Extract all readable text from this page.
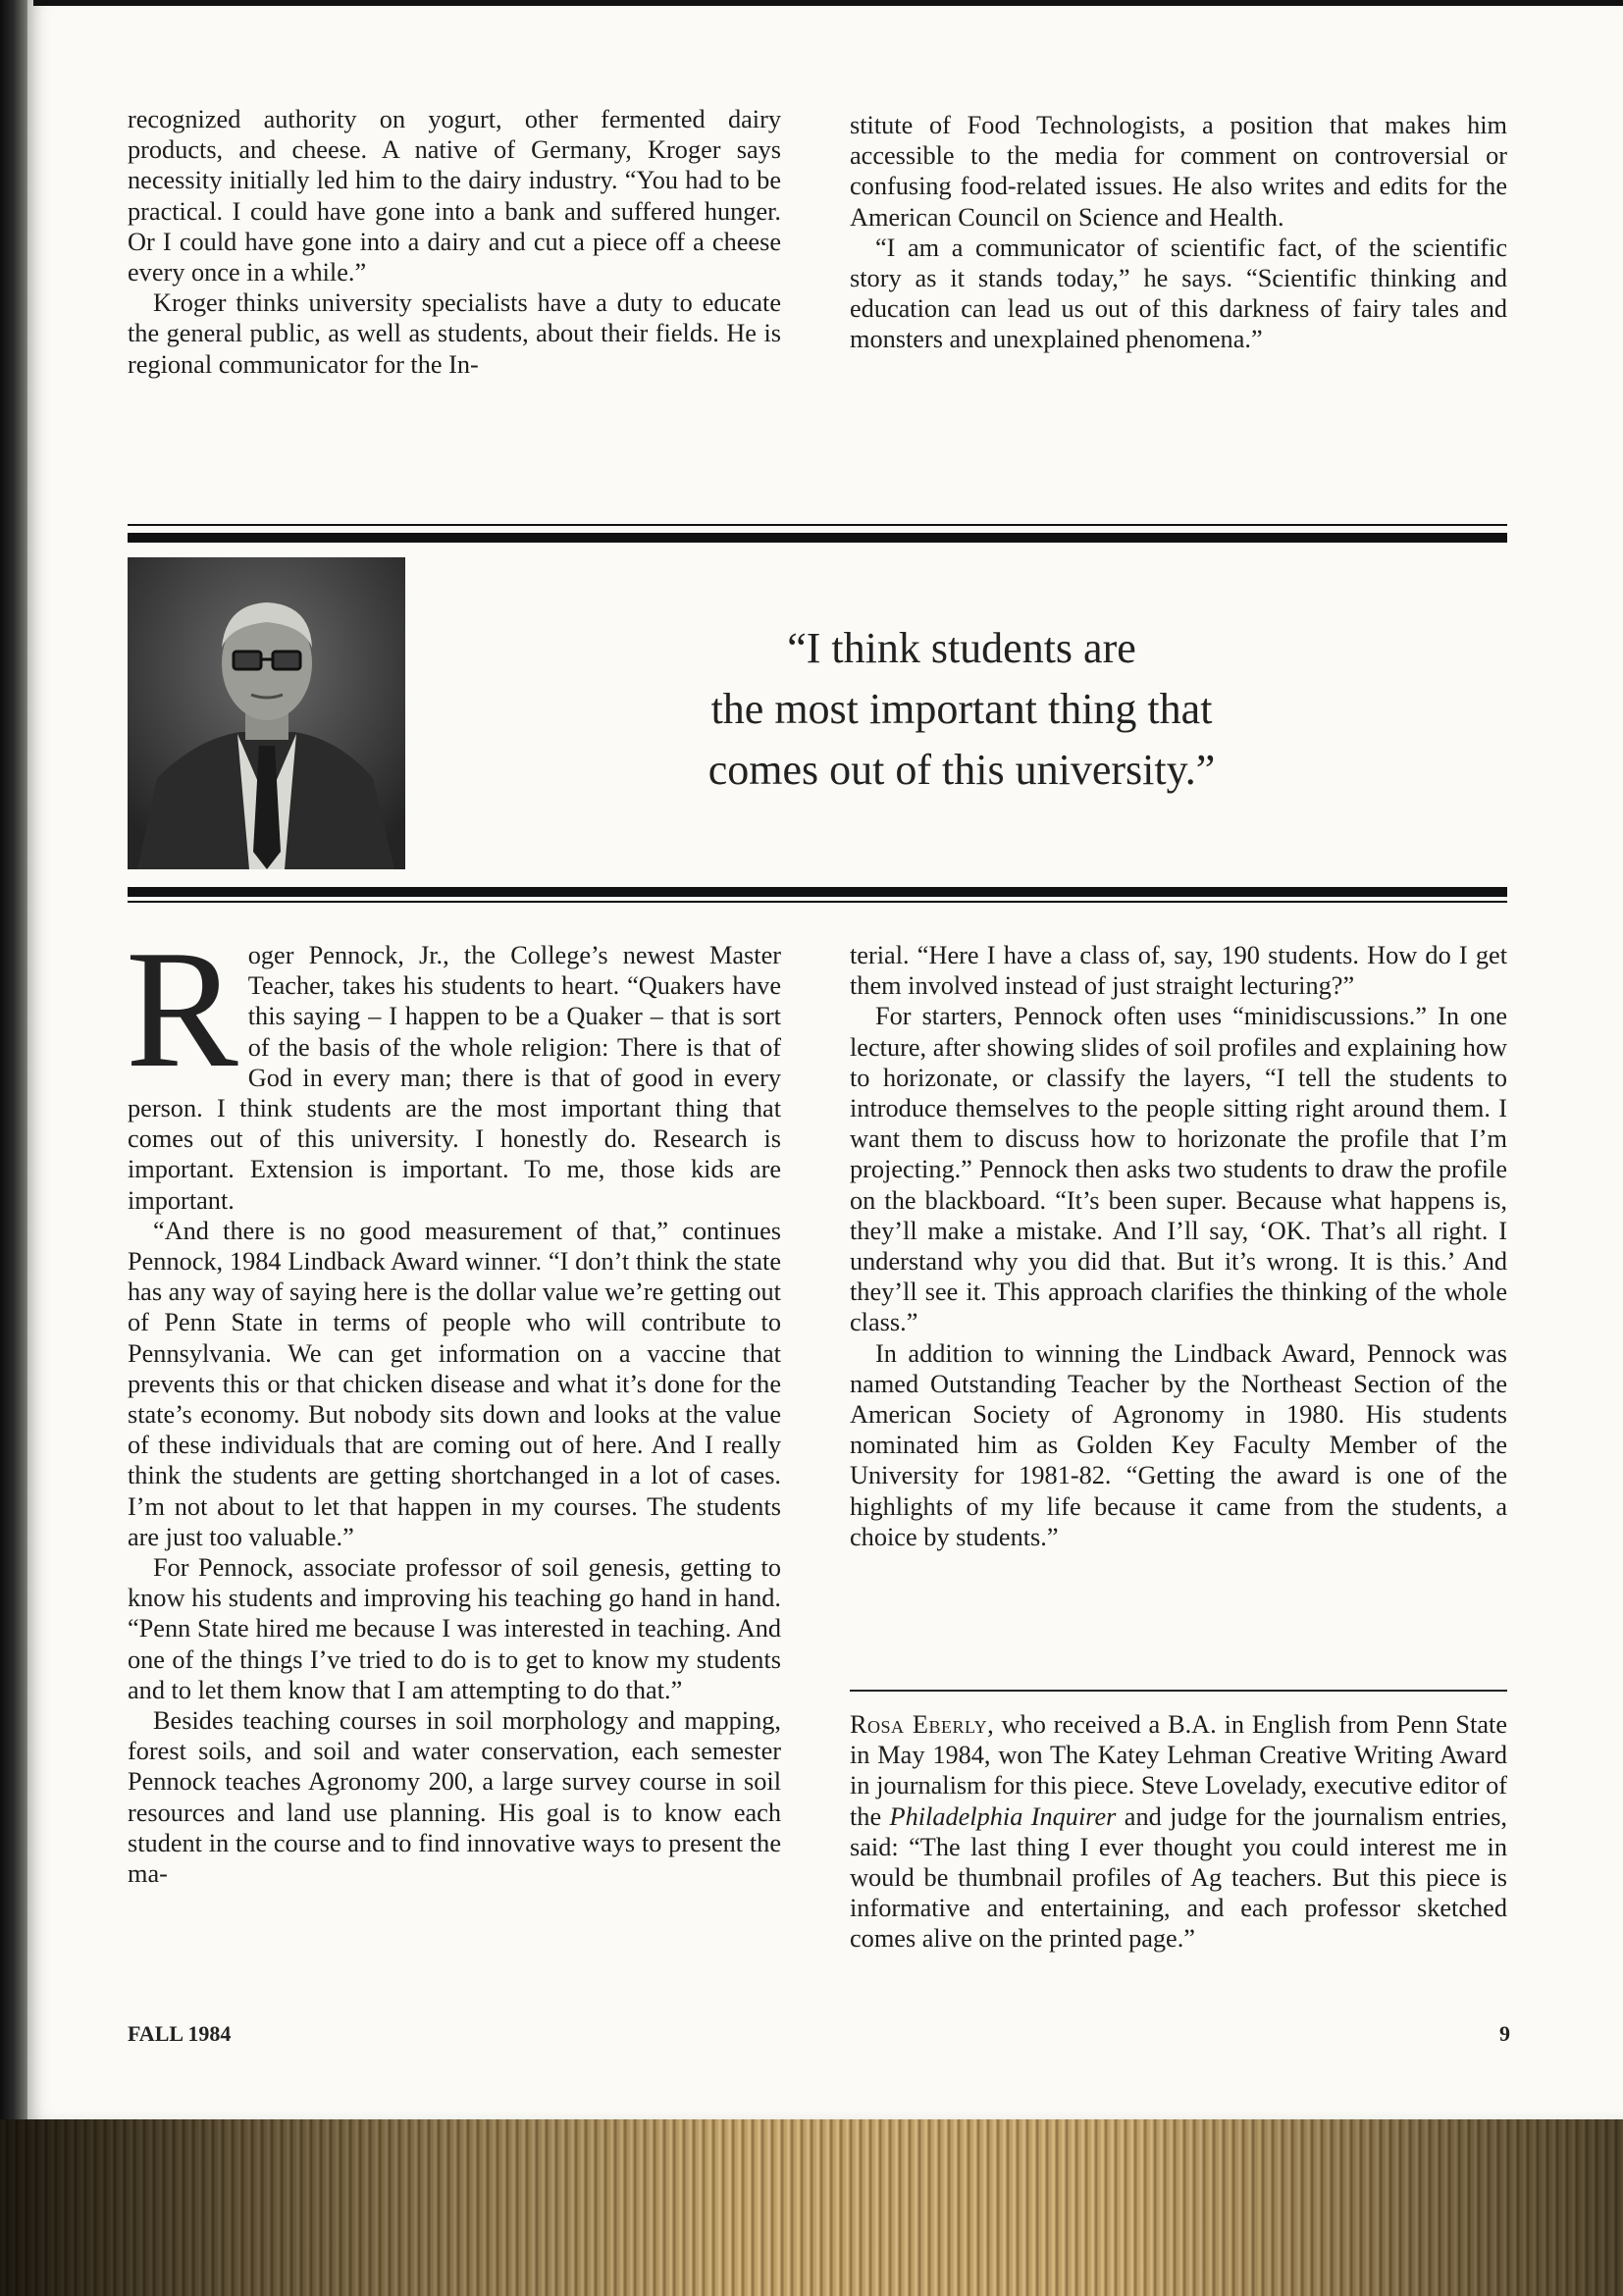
recognized authority on yogurt, other fermented dairy products, and cheese. A native of Germany, Kroger says necessity initially led him to the dairy industry. “You had to be practical. I could have gone into a bank and suffered hunger. Or I could have gone into a dairy and cut a piece off a cheese every once in a while.”

Kroger thinks university specialists have a duty to educate the general public, as well as students, about their fields. He is regional communicator for the In-

stitute of Food Technologists, a position that makes him accessible to the media for comment on controversial or confusing food-related issues. He also writes and edits for the American Council on Science and Health.

“I am a communicator of scientific fact, of the scientific story as it stands today,” he says. “Scientific thinking and education can lead us out of this darkness of fairy tales and monsters and unexplained phenomena.”

“I think students are
the most important thing that
comes out of this university.”

Roger Pennock, Jr., the College’s newest Master Teacher, takes his students to heart. “Quakers have this saying – I happen to be a Quaker – that is sort of the basis of the whole religion: There is that of God in every man; there is that of good in every person. I think students are the most important thing that comes out of this university. I honestly do. Research is important. Extension is important. To me, those kids are important.

“And there is no good measurement of that,” continues Pennock, 1984 Lindback Award winner. “I don’t think the state has any way of saying here is the dollar value we’re getting out of Penn State in terms of people who will contribute to Pennsylvania. We can get information on a vaccine that prevents this or that chicken disease and what it’s done for the state’s economy. But nobody sits down and looks at the value of these individuals that are coming out of here. And I really think the students are getting shortchanged in a lot of cases. I’m not about to let that happen in my courses. The students are just too valuable.”

For Pennock, associate professor of soil genesis, getting to know his students and improving his teaching go hand in hand. “Penn State hired me because I was interested in teaching. And one of the things I’ve tried to do is to get to know my students and to let them know that I am attempting to do that.”

Besides teaching courses in soil morphology and mapping, forest soils, and soil and water conservation, each semester Pennock teaches Agronomy 200, a large survey course in soil resources and land use planning. His goal is to know each student in the course and to find innovative ways to present the ma-

terial. “Here I have a class of, say, 190 students. How do I get them involved instead of just straight lecturing?”

For starters, Pennock often uses “minidiscussions.” In one lecture, after showing slides of soil profiles and explaining how to horizonate, or classify the layers, “I tell the students to introduce themselves to the people sitting right around them. I want them to discuss how to horizonate the profile that I’m projecting.” Pennock then asks two students to draw the profile on the blackboard. “It’s been super. Because what happens is, they’ll make a mistake. And I’ll say, ‘OK. That’s all right. I understand why you did that. But it’s wrong. It is this.’ And they’ll see it. This approach clarifies the thinking of the whole class.”

In addition to winning the Lindback Award, Pennock was named Outstanding Teacher by the Northeast Section of the American Society of Agronomy in 1980. His students nominated him as Golden Key Faculty Member of the University for 1981-82. “Getting the award is one of the highlights of my life because it came from the students, a choice by students.”

Rosa Eberly, who received a B.A. in English from Penn State in May 1984, won The Katey Lehman Creative Writing Award in journalism for this piece. Steve Lovelady, executive editor of the Philadelphia Inquirer and judge for the journalism entries, said: “The last thing I ever thought you could interest me in would be thumbnail profiles of Ag teachers. But this piece is informative and entertaining, and each professor sketched comes alive on the printed page.”

FALL 1984	9
